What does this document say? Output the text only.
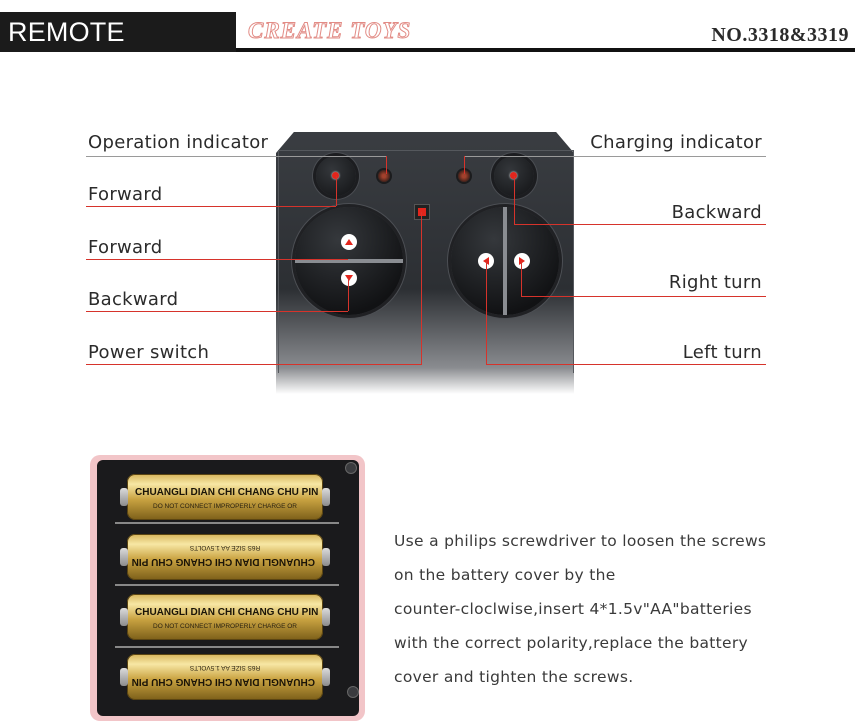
REMOTE CONTROL
CREATE TOYS	NO.3318&3319
Operation indicator
Forward
Forward
Backward
Power switch
Charging indicator
Backward
Right turn
Left turn
CHUANGLI DIAN CHI CHANG CHU PIN
DO NOT CONNECT IMPROPERLY CHARGE OR
CHUANGLI DIAN CHI CHANG CHU PIN
R6S SIZE AA 1.5VOLTS
CHUANGLI DIAN CHI CHANG CHU PIN
DO NOT CONNECT IMPROPERLY CHARGE OR
CHUANGLI DIAN CHI CHANG CHU PIN
R6S SIZE AA 1.5VOLTS
Use a philips screwdriver to loosen the screws
on the battery cover by the
counter-cloclwise,insert 4*1.5v"AA"batteries
with the correct polarity,replace the battery
cover and tighten the screws.
